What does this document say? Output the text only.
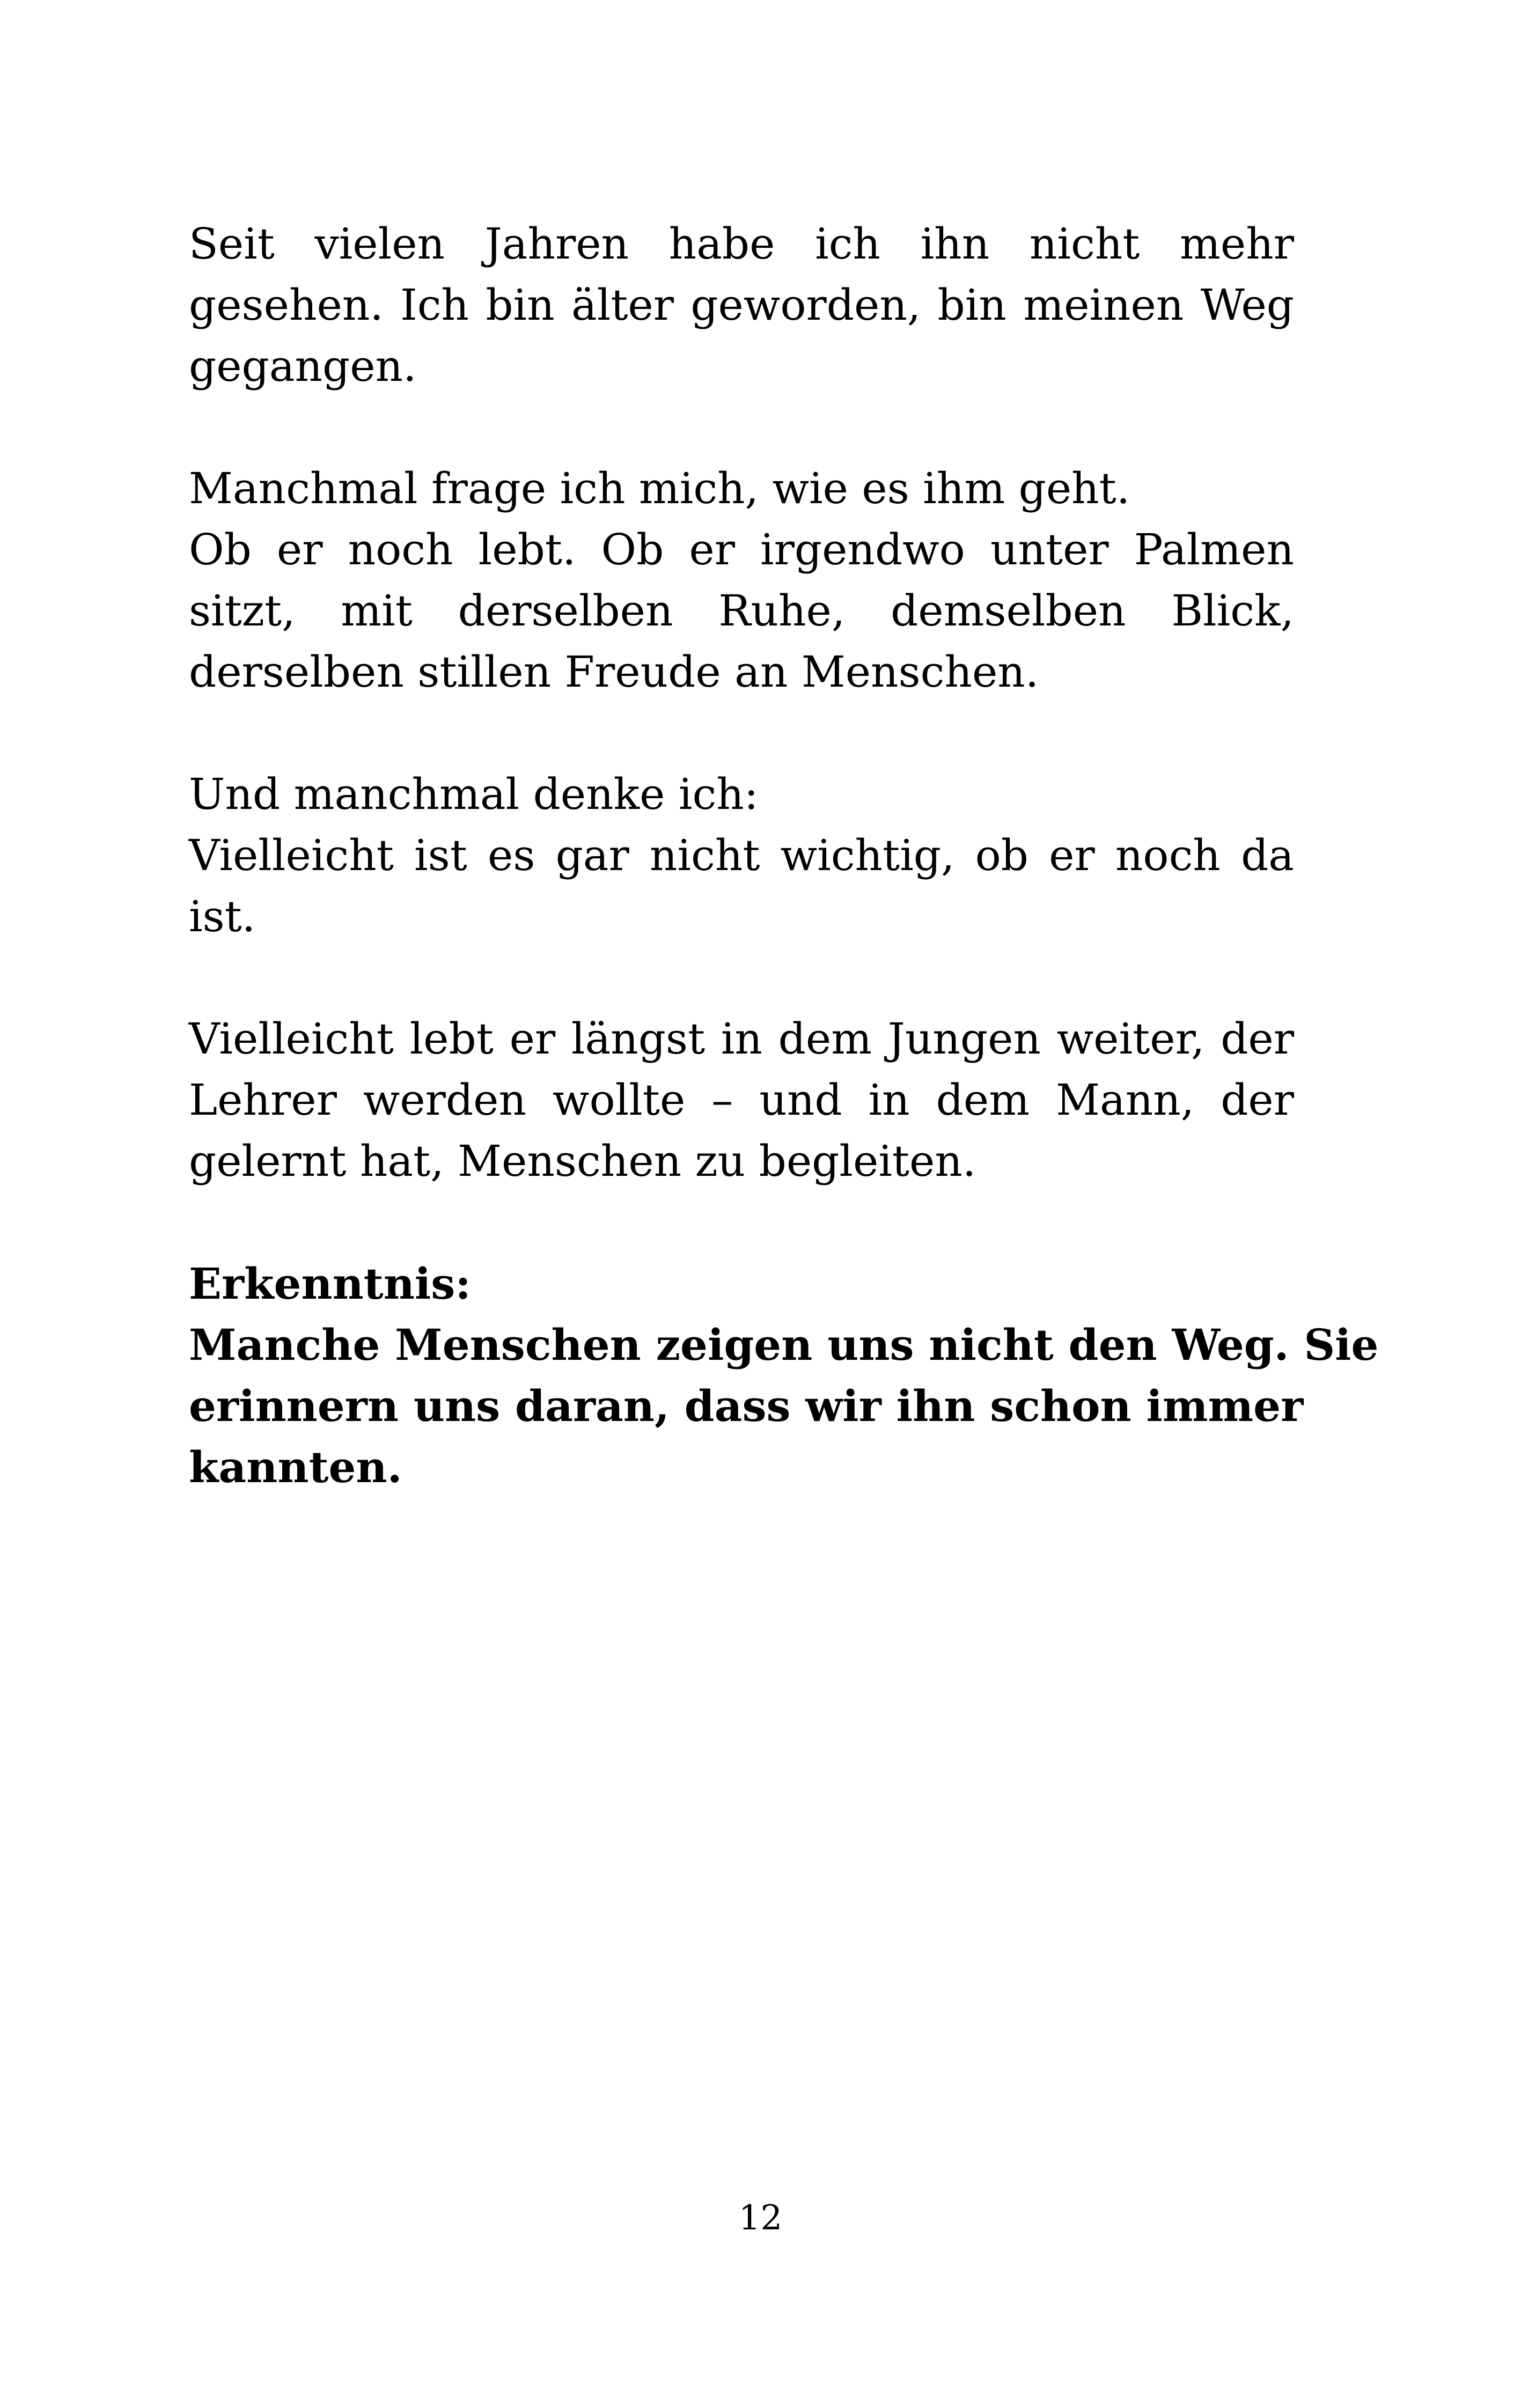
Seit vielen Jahren habe ich ihn nicht mehr
gesehen. Ich bin älter geworden, bin meinen Weg
gegangen.

Manchmal frage ich mich, wie es ihm geht.
Ob er noch lebt. Ob er irgendwo unter Palmen
sitzt, mit derselben Ruhe, demselben Blick,
derselben stillen Freude an Menschen.

Und manchmal denke ich:
Vielleicht ist es gar nicht wichtig, ob er noch da
ist.

Vielleicht lebt er längst in dem Jungen weiter, der
Lehrer werden wollte – und in dem Mann, der
gelernt hat, Menschen zu begleiten.

Erkenntnis:
Manche Menschen zeigen uns nicht den Weg. Sie
erinnern uns daran, dass wir ihn schon immer
kannten.

12
